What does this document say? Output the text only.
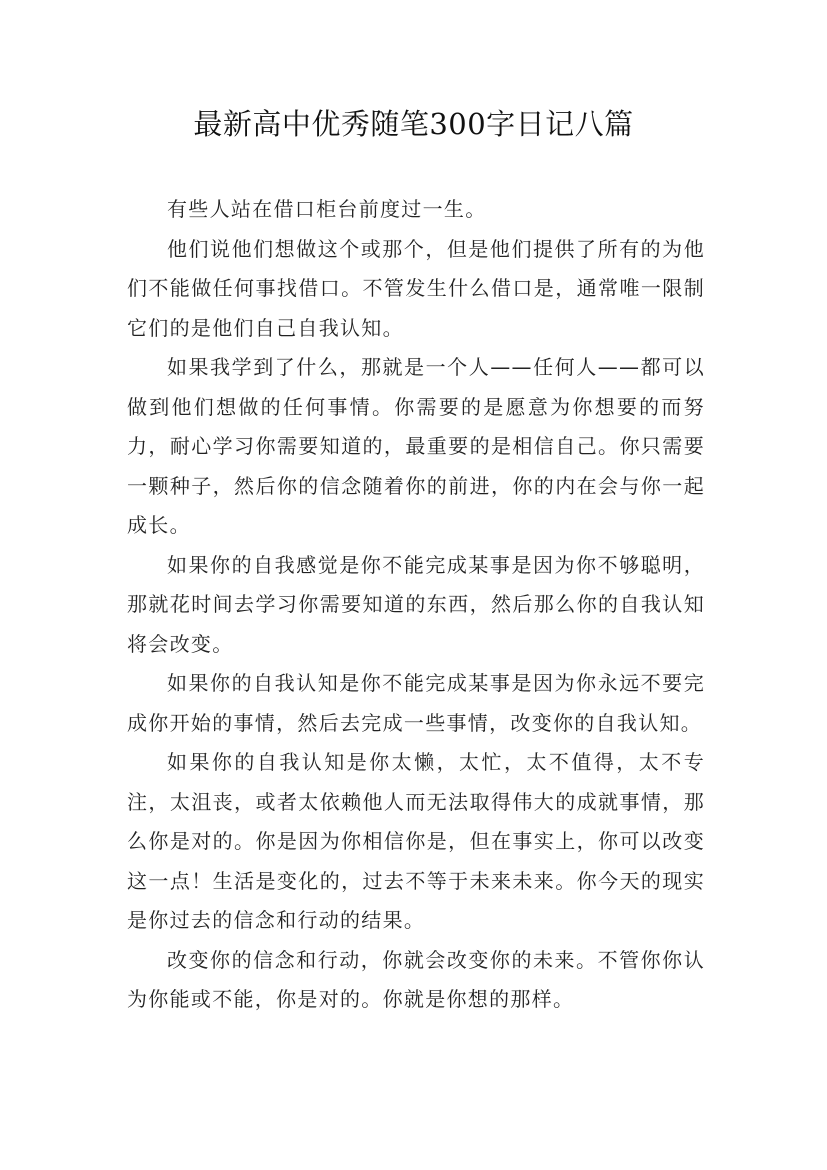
最新高中优秀随笔300字日记八篇

有些人站在借口柜台前度过一生。

他们说他们想做这个或那个，但是他们提供了所有的为他们不能做任何事找借口。不管发生什么借口是，通常唯一限制它们的是他们自己自我认知。

如果我学到了什么，那就是一个人——任何人——都可以做到他们想做的任何事情。你需要的是愿意为你想要的而努力，耐心学习你需要知道的，最重要的是相信自己。你只需要一颗种子，然后你的信念随着你的前进，你的内在会与你一起成长。

如果你的自我感觉是你不能完成某事是因为你不够聪明，那就花时间去学习你需要知道的东西，然后那么你的自我认知将会改变。

如果你的自我认知是你不能完成某事是因为你永远不要完成你开始的事情，然后去完成一些事情，改变你的自我认知。

如果你的自我认知是你太懒，太忙，太不值得，太不专注，太沮丧，或者太依赖他人而无法取得伟大的成就事情，那么你是对的。你是因为你相信你是，但在事实上，你可以改变这一点！生活是变化的，过去不等于未来未来。你今天的现实是你过去的信念和行动的结果。

改变你的信念和行动，你就会改变你的未来。不管你你认为你能或不能，你是对的。你就是你想的那样。
